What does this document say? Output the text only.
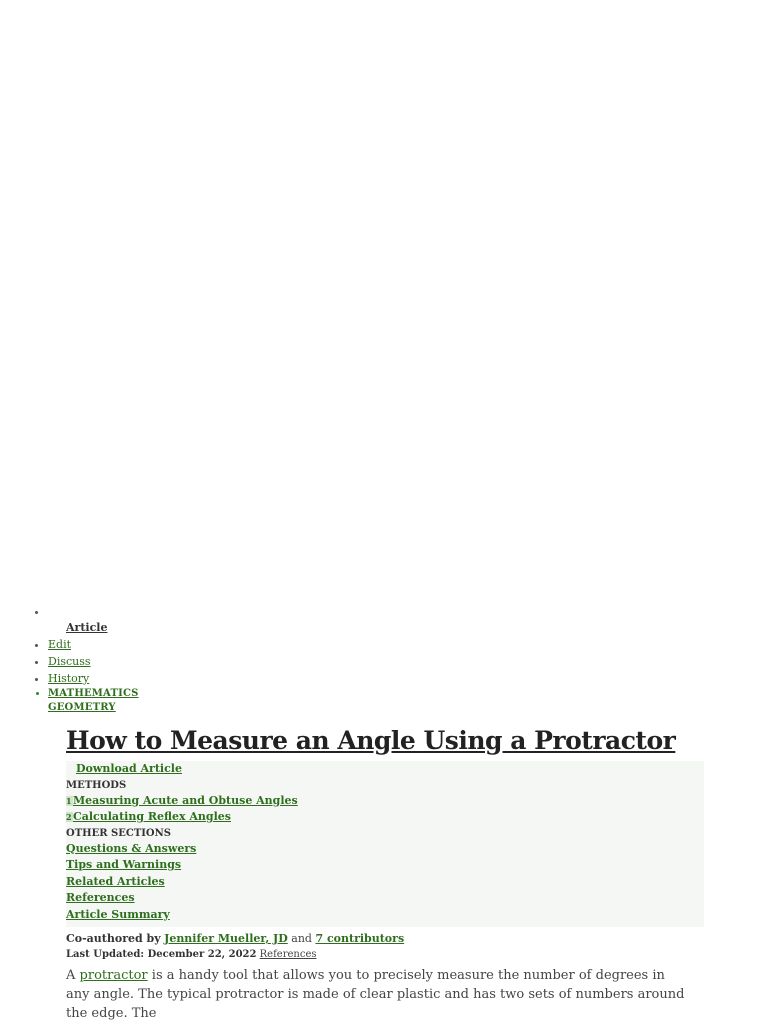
•
Article
• Edit
• Discuss
• History
• MATHEMATICS
GEOMETRY
How to Measure an Angle Using a Protractor
Download Article
METHODS
1Measuring Acute and Obtuse Angles
2Calculating Reflex Angles
OTHER SECTIONS
Questions & Answers
Tips and Warnings
Related Articles
References
Article Summary
Co-authored by Jennifer Mueller, JD and 7 contributors
Last Updated: December 22, 2022 References
A protractor is a handy tool that allows you to precisely measure the number of degrees in any angle. The typical protractor is made of clear plastic and has two sets of numbers around the edge. The
